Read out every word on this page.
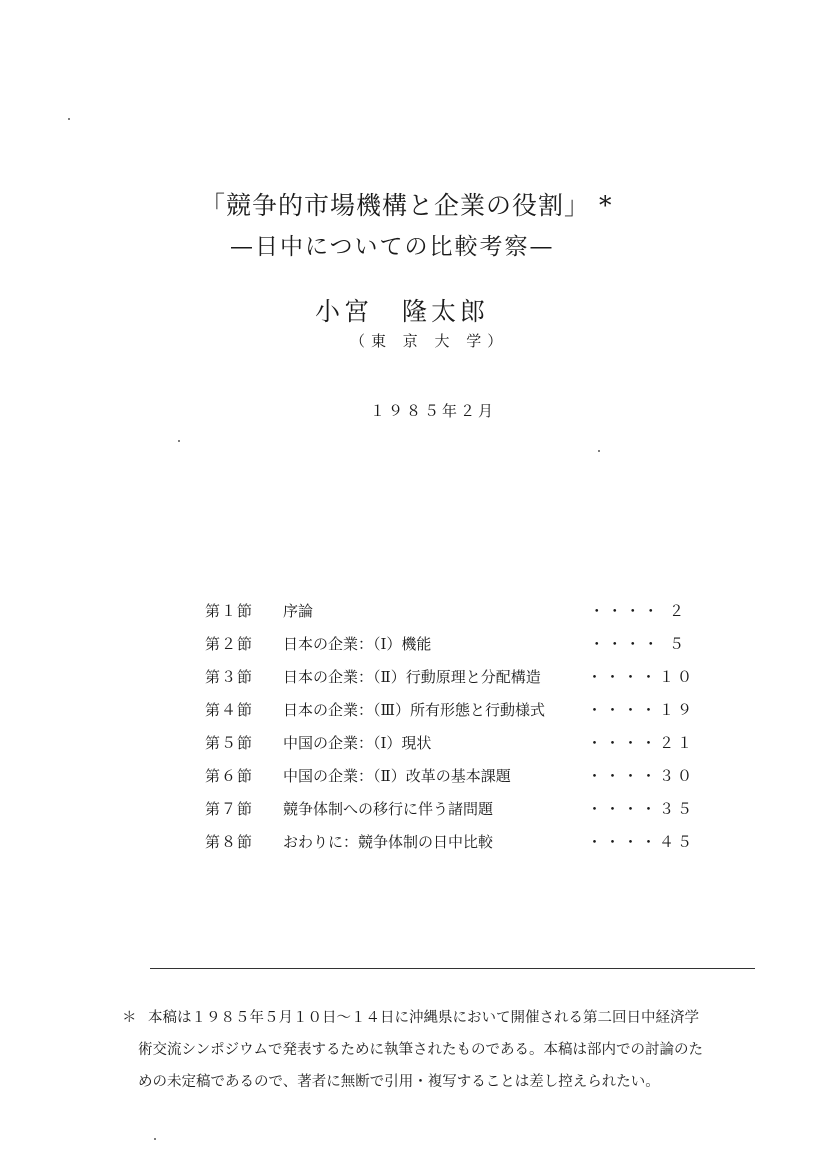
「競争的市場機構と企業の役割」 *
—日中についての比較考察—
小宮　隆太郎
（東 京 大 学）
１９８５年２月
第１節	序論	・・・・ ２
第２節	日本の企業：（Ⅰ）機能	・・・・ ５
第３節	日本の企業：（Ⅱ）行動原理と分配構造	・・・・１０
第４節	日本の企業：（Ⅲ）所有形態と行動様式	・・・・１９
第５節	中国の企業：（Ⅰ）現状	・・・・２１
第６節	中国の企業：（Ⅱ）改革の基本課題	・・・・３０
第７節	競争体制への移行に伴う諸問題	・・・・３５
第８節	おわりに：競争体制の日中比較	・・・・４５
＊ 本稿は１９８５年５月１０日〜１４日に沖縄県において開催される第二回日中経済学
術交流シンポジウムで発表するために執筆されたものである。本稿は部内での討論のた
めの未定稿であるので、著者に無断で引用・複写することは差し控えられたい。
